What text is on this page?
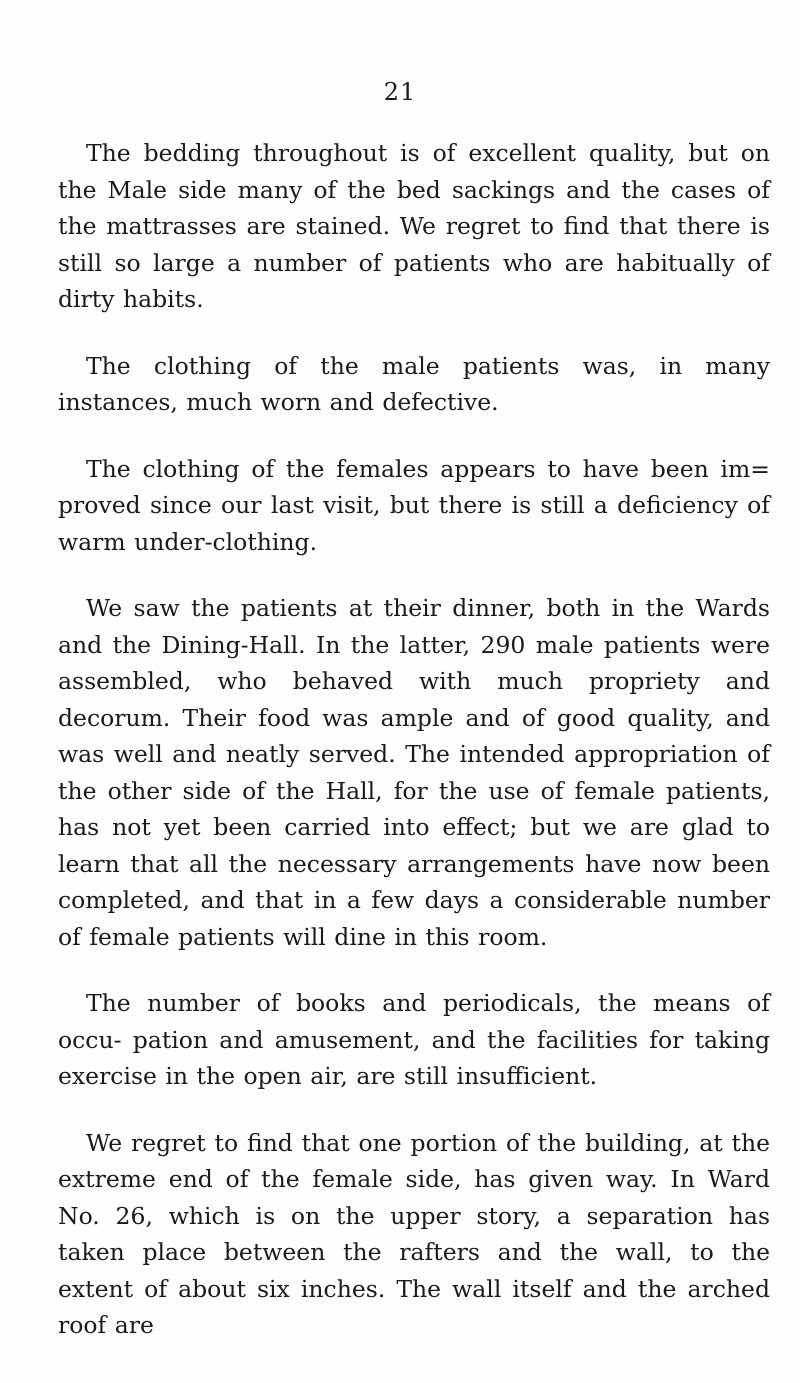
21

The bedding throughout is of excellent quality, but on the Male side many of the bed sackings and the cases of the mattrasses are stained. We regret to find that there is still so large a number of patients who are habitually of dirty habits.

The clothing of the male patients was, in many instances, much worn and defective.

The clothing of the females appears to have been im= proved since our last visit, but there is still a deficiency of warm under-clothing.

We saw the patients at their dinner, both in the Wards and the Dining-Hall. In the latter, 290 male patients were assembled, who behaved with much propriety and decorum. Their food was ample and of good quality, and was well and neatly served. The intended appropriation of the other side of the Hall, for the use of female patients, has not yet been carried into effect; but we are glad to learn that all the necessary arrangements have now been completed, and that in a few days a considerable number of female patients will dine in this room.

The number of books and periodicals, the means of occu- pation and amusement, and the facilities for taking exercise in the open air, are still insufficient.

We regret to find that one portion of the building, at the extreme end of the female side, has given way. In Ward No. 26, which is on the upper story, a separation has taken place between the rafters and the wall, to the extent of about six inches. The wall itself and the arched roof are
